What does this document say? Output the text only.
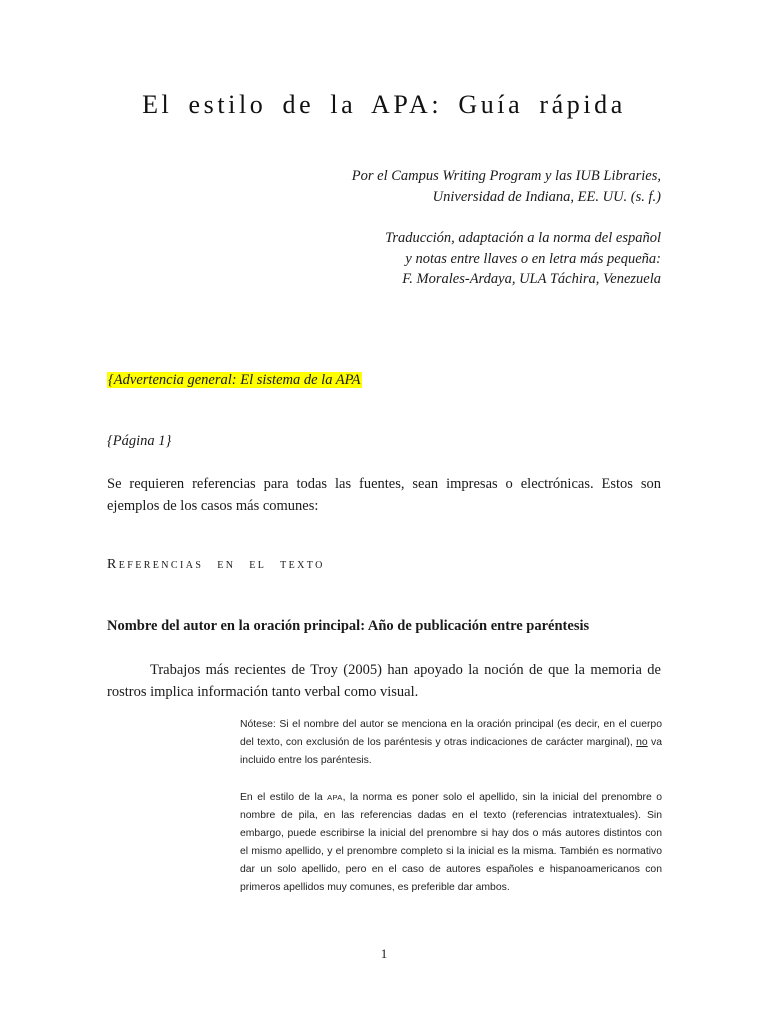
El estilo de la APA: Guía rápida
Por el Campus Writing Program y las IUB Libraries,
Universidad de Indiana, EE. UU. (s. f.)
Traducción, adaptación a la norma del español
y notas entre llaves o en letra más pequeña:
F. Morales-Ardaya, ULA Táchira, Venezuela
{Advertencia general: El sistema de la APA
{Página 1}
Se requieren referencias para todas las fuentes, sean impresas o electrónicas. Estos son ejemplos de los casos más comunes:
Referencias en el texto
Nombre del autor en la oración principal: Año de publicación entre paréntesis
Trabajos más recientes de Troy (2005) han apoyado la noción de que la memoria de rostros implica información tanto verbal como visual.
Nótese: Si el nombre del autor se menciona en la oración principal (es decir, en el cuerpo del texto, con exclusión de los paréntesis y otras indicaciones de carácter marginal), no va incluido entre los paréntesis.
En el estilo de la APA, la norma es poner solo el apellido, sin la inicial del prenombre o nombre de pila, en las referencias dadas en el texto (referencias intratextuales). Sin embargo, puede escribirse la inicial del prenombre si hay dos o más autores distintos con el mismo apellido, y el prenombre completo si la inicial es la misma. También es normativo dar un solo apellido, pero en el caso de autores españoles e hispanoamericanos con primeros apellidos muy comunes, es preferible dar ambos.
1
